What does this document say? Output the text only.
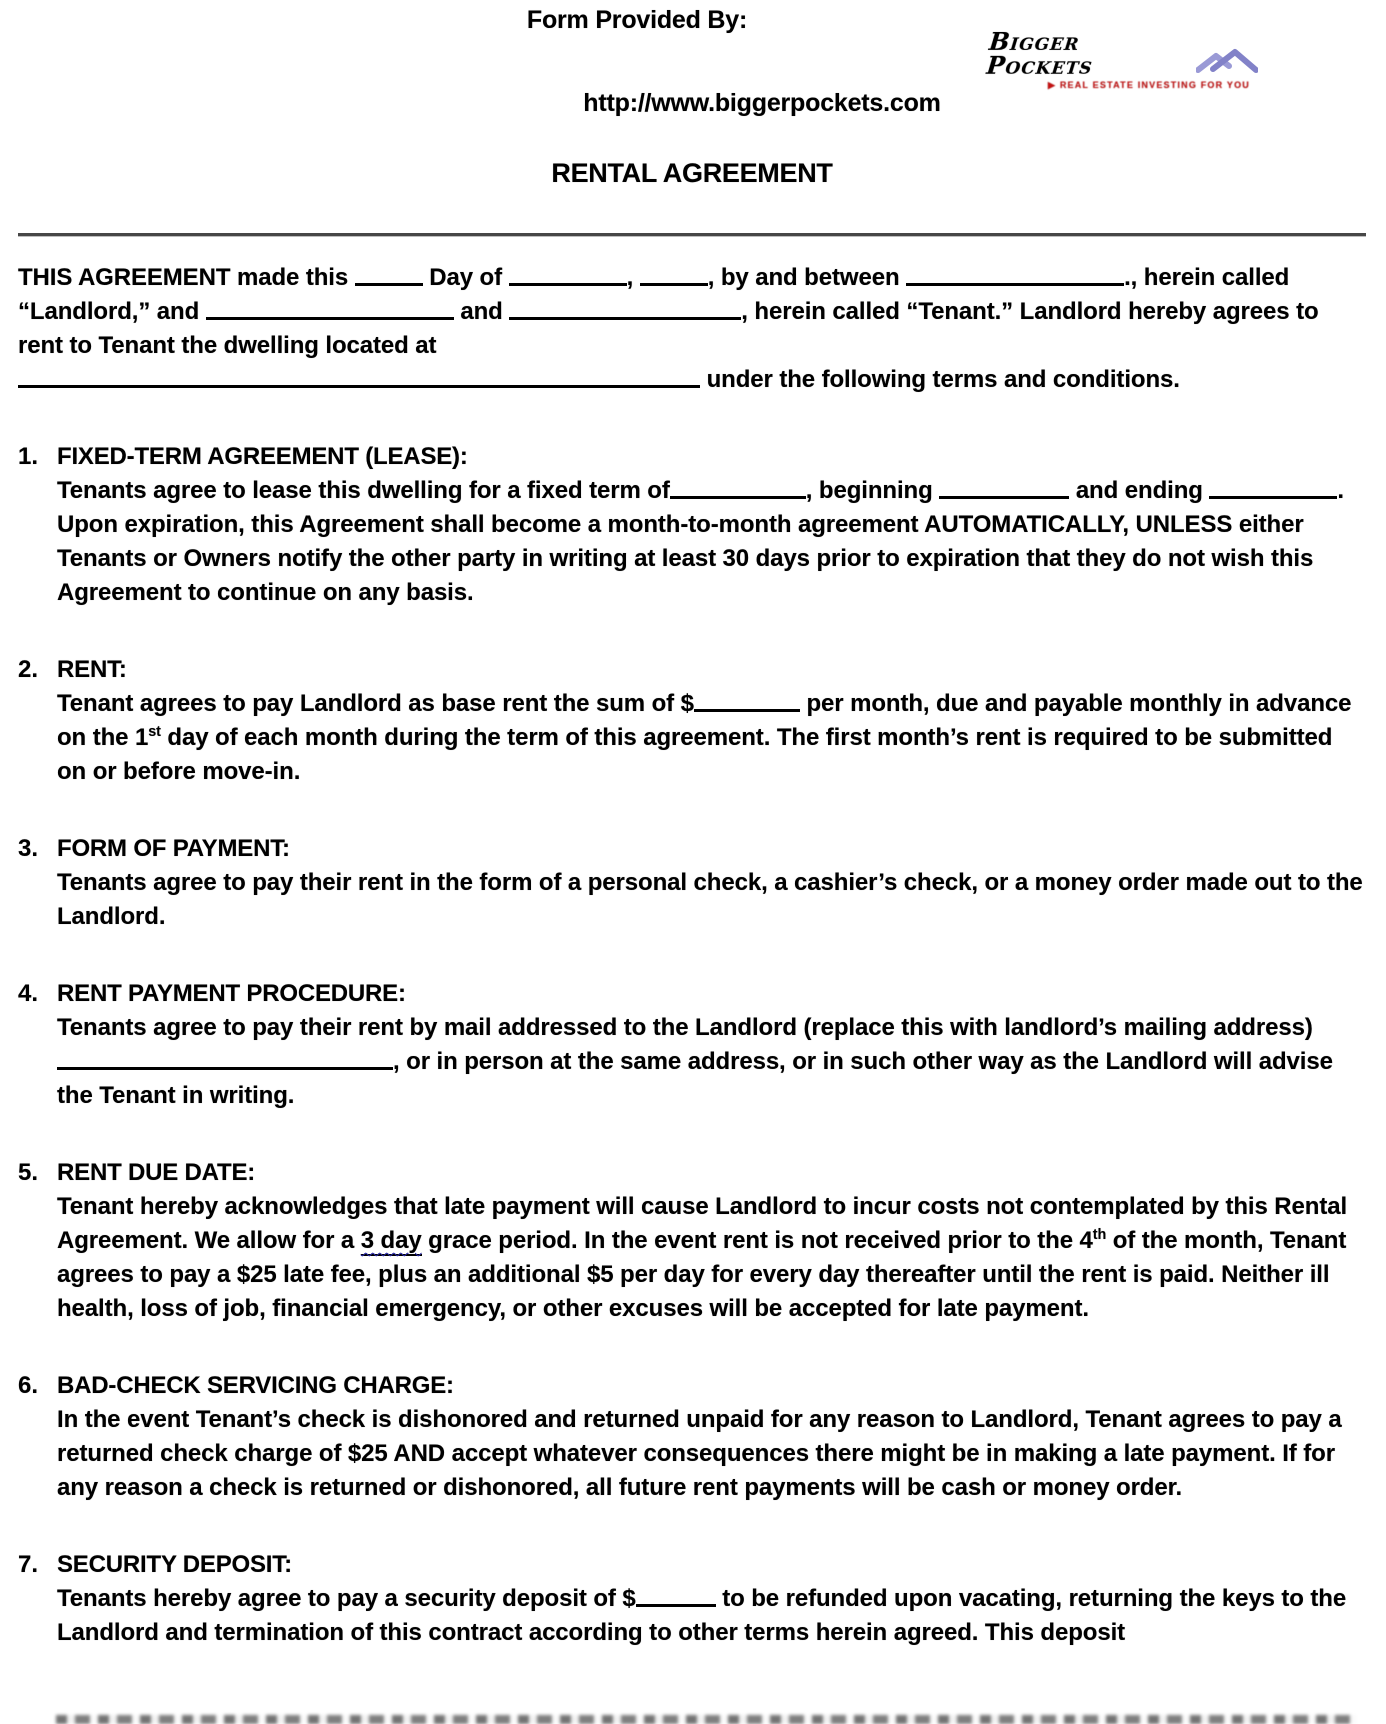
Form Provided By:
Bigger Pockets
▶ REAL ESTATE INVESTING FOR YOU
http://www.biggerpockets.com
RENTAL AGREEMENT

THIS AGREEMENT made this	Day of	,	, by and between	., herein called “Landlord,” and	and	, herein called “Tenant.” Landlord hereby agrees to rent to Tenant the dwelling located at
under the following terms and conditions.

1. FIXED-TERM AGREEMENT (LEASE):
Tenants agree to lease this dwelling for a fixed term of	, beginning	and ending	. Upon expiration, this Agreement shall become a month-to-month agreement AUTOMATICALLY, UNLESS either Tenants or Owners notify the other party in writing at least 30 days prior to expiration that they do not wish this Agreement to continue on any basis.
2. RENT:
Tenant agrees to pay Landlord as base rent the sum of $	per month, due and payable monthly in advance on the 1st day of each month during the term of this agreement. The first month’s rent is required to be submitted on or before move-in.
3. FORM OF PAYMENT:
Tenants agree to pay their rent in the form of a personal check, a cashier’s check, or a money order made out to the Landlord.
4. RENT PAYMENT PROCEDURE:
Tenants agree to pay their rent by mail addressed to the Landlord (replace this with landlord’s mailing address), or in person at the same address, or in such other way as the Landlord will advise the Tenant in writing.
5. RENT DUE DATE:
Tenant hereby acknowledges that late payment will cause Landlord to incur costs not contemplated by this Rental Agreement. We allow for a 3 day grace period. In the event rent is not received prior to the 4th of the month, Tenant agrees to pay a $25 late fee, plus an additional $5 per day for every day thereafter until the rent is paid. Neither ill health, loss of job, financial emergency, or other excuses will be accepted for late payment.
6. BAD-CHECK SERVICING CHARGE:
In the event Tenant’s check is dishonored and returned unpaid for any reason to Landlord, Tenant agrees to pay a returned check charge of $25 AND accept whatever consequences there might be in making a late payment. If for any reason a check is returned or dishonored, all future rent payments will be cash or money order.
7. SECURITY DEPOSIT:
Tenants hereby agree to pay a security deposit of $	to be refunded upon vacating, returning the keys to the Landlord and termination of this contract according to other terms herein agreed. This deposit
